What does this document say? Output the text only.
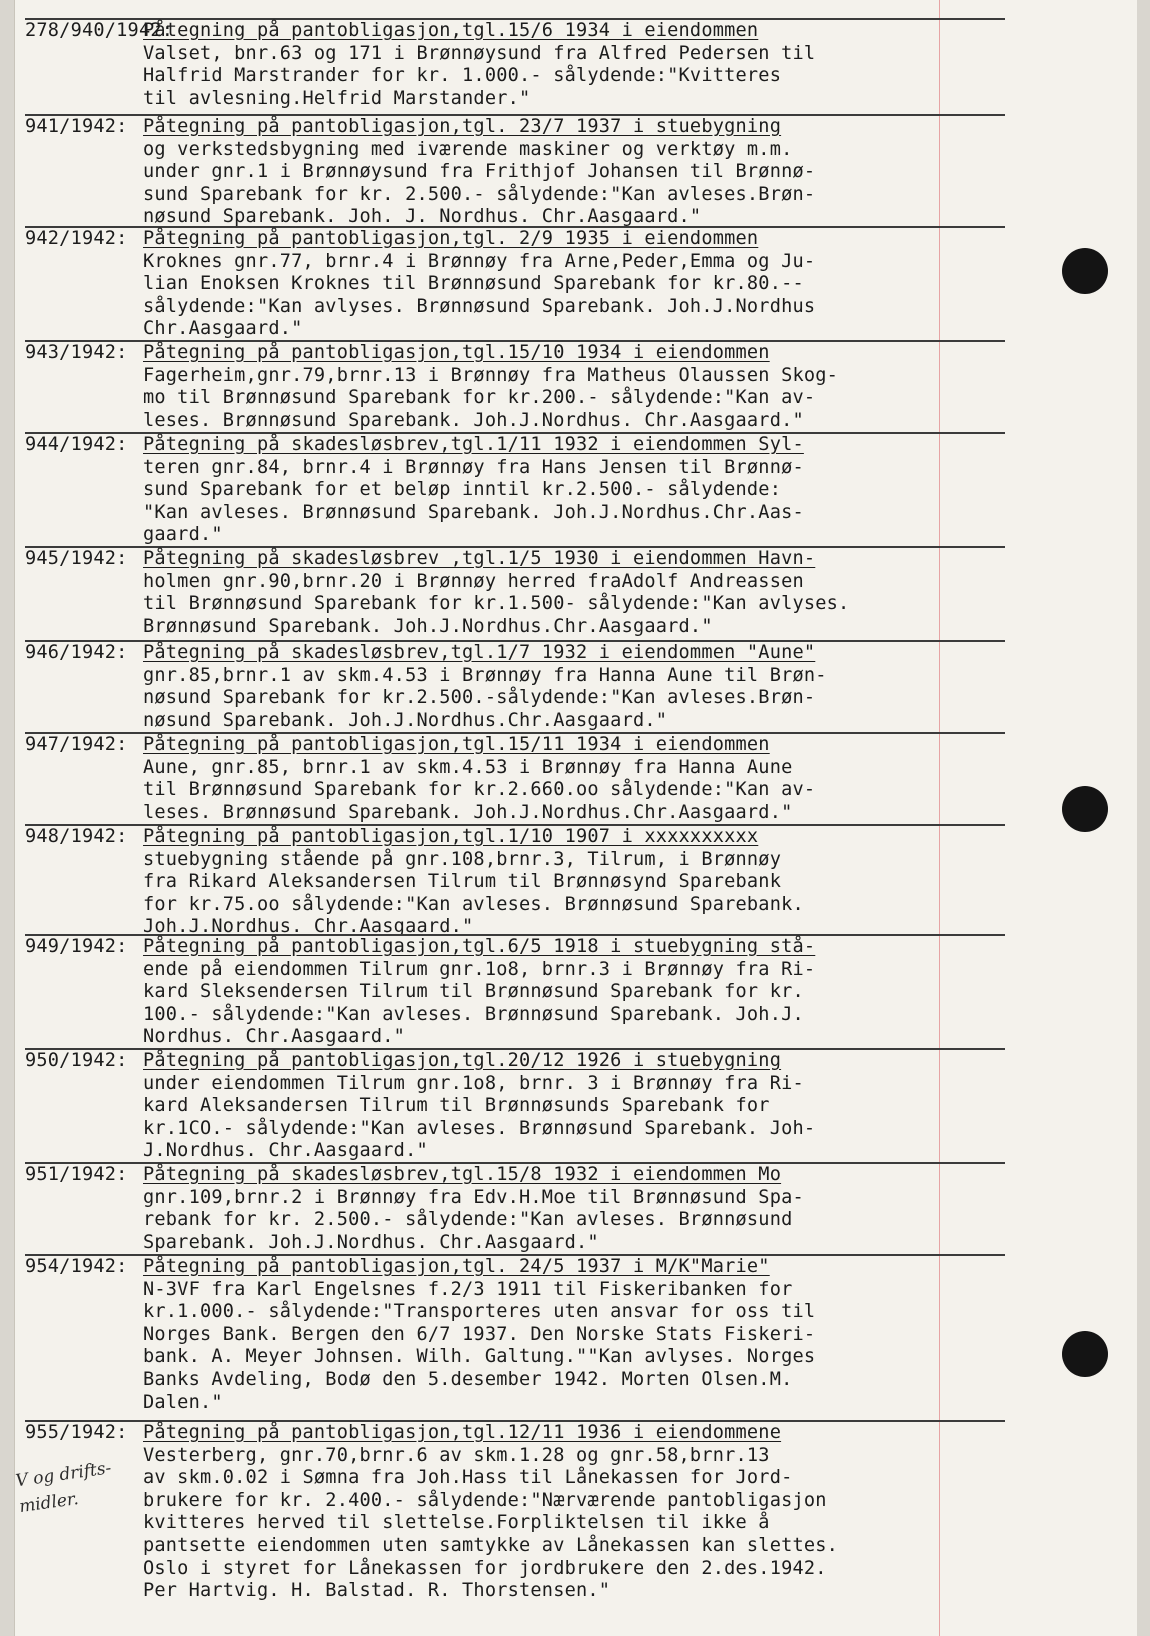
278/940/1942:
Påtegning på pantobligasjon,tgl.15/6 1934 i eiendommen
Valset, bnr.63 og 171 i Brønnøysund fra Alfred Pedersen til
Halfrid Marstrander for kr. 1.000.- sålydende:"Kvitteres
til avlesning.Helfrid Marstander."
941/1942: Påtegning på pantobligasjon,tgl. 23/7 1937 i stuebygning
og verkstedsbygning med iværende maskiner og verktøy m.m.
under gnr.1 i Brønnøysund fra Frithjof Johansen til Brønnø-
sund Sparebank for kr. 2.500.- sålydende:"Kan avleses.Brøn-
nøsund Sparebank. Joh. J. Nordhus. Chr.Aasgaard."
942/1942: Påtegning på pantobligasjon,tgl. 2/9 1935 i eiendommen
Kroknes gnr.77, brnr.4 i Brønnøy fra Arne,Peder,Emma og Ju-
lian Enoksen Kroknes til Brønnøsund Sparebank for kr.80.--
sålydende:"Kan avlyses. Brønnøsund Sparebank. Joh.J.Nordhus
Chr.Aasgaard."
943/1942: Påtegning på pantobligasjon,tgl.15/10 1934 i eiendommen
Fagerheim,gnr.79,brnr.13 i Brønnøy fra Matheus Olaussen Skog-
mo til Brønnøsund Sparebank for kr.200.- sålydende:"Kan av-
leses. Brønnøsund Sparebank. Joh.J.Nordhus. Chr.Aasgaard."
944/1942: Påtegning på skadesløsbrev,tgl.1/11 1932 i eiendommen Syl-
teren gnr.84, brnr.4 i Brønnøy fra Hans Jensen til Brønnø-
sund Sparebank for et beløp inntil kr.2.500.- sålydende:
"Kan avleses. Brønnøsund Sparebank. Joh.J.Nordhus.Chr.Aas-
gaard."
945/1942: Påtegning på skadesløsbrev ,tgl.1/5 1930 i eiendommen Havn-
holmen gnr.90,brnr.20 i Brønnøy herred fraAdolf Andreassen
til Brønnøsund Sparebank for kr.1.500- sålydende:"Kan avlyses.
Brønnøsund Sparebank. Joh.J.Nordhus.Chr.Aasgaard."
946/1942: Påtegning på skadesløsbrev,tgl.1/7 1932 i eiendommen "Aune"
gnr.85,brnr.1 av skm.4.53 i Brønnøy fra Hanna Aune til Brøn-
nøsund Sparebank for kr.2.500.-sålydende:"Kan avleses.Brøn-
nøsund Sparebank. Joh.J.Nordhus.Chr.Aasgaard."
947/1942: Påtegning på pantobligasjon,tgl.15/11 1934 i eiendommen
Aune, gnr.85, brnr.1 av skm.4.53 i Brønnøy fra Hanna Aune
til Brønnøsund Sparebank for kr.2.660.oo sålydende:"Kan av-
leses. Brønnøsund Sparebank. Joh.J.Nordhus.Chr.Aasgaard."
948/1942: Påtegning på pantobligasjon,tgl.1/10 1907 i xxxxxxxxxx
stuebygning stående på gnr.108,brnr.3, Tilrum, i Brønnøy
fra Rikard Aleksandersen Tilrum til Brønnøsynd Sparebank
for kr.75.oo sålydende:"Kan avleses. Brønnøsund Sparebank.
Joh.J.Nordhus. Chr.Aasgaard."
949/1942: Påtegning på pantobligasjon,tgl.6/5 1918 i stuebygning stå-
ende på eiendommen Tilrum gnr.1o8, brnr.3 i Brønnøy fra Ri-
kard Sleksendersen Tilrum til Brønnøsund Sparebank for kr.
100.- sålydende:"Kan avleses. Brønnøsund Sparebank. Joh.J.
Nordhus. Chr.Aasgaard."
950/1942: Påtegning på pantobligasjon,tgl.20/12 1926 i stuebygning
under eiendommen Tilrum gnr.1o8, brnr. 3 i Brønnøy fra Ri-
kard Aleksandersen Tilrum til Brønnøsunds Sparebank for
kr.1CO.- sålydende:"Kan avleses. Brønnøsund Sparebank. Joh-
J.Nordhus. Chr.Aasgaard."
951/1942: Påtegning på skadesløsbrev,tgl.15/8 1932 i eiendommen Mo
gnr.109,brnr.2 i Brønnøy fra Edv.H.Moe til Brønnøsund Spa-
rebank for kr. 2.500.- sålydende:"Kan avleses. Brønnøsund
Sparebank. Joh.J.Nordhus. Chr.Aasgaard."
954/1942: Påtegning på pantobligasjon,tgl. 24/5 1937 i M/K"Marie"
N-3VF fra Karl Engelsnes f.2/3 1911 til Fiskeribanken for
kr.1.000.- sålydende:"Transporteres uten ansvar for oss til
Norges Bank. Bergen den 6/7 1937. Den Norske Stats Fiskeri-
bank. A. Meyer Johnsen. Wilh. Galtung.""Kan avlyses. Norges
Banks Avdeling, Bodø den 5.desember 1942. Morten Olsen.M.
Dalen."
955/1942: Påtegning på pantobligasjon,tgl.12/11 1936 i eiendommene
Vesterberg, gnr.70,brnr.6 av skm.1.28 og gnr.58,brnr.13
av skm.0.02 i Sømna fra Joh.Hass til Lånekassen for Jord-
brukere for kr. 2.400.- sålydende:"Nærværende pantobligasjon
kvitteres herved til slettelse.Forpliktelsen til ikke å
pantsette eiendommen uten samtykke av Lånekassen kan slettes.
Oslo i styret for Lånekassen for jordbrukere den 2.des.1942.
Per Hartvig. H. Balstad. R. Thorstensen."
V og drifts-midler.
